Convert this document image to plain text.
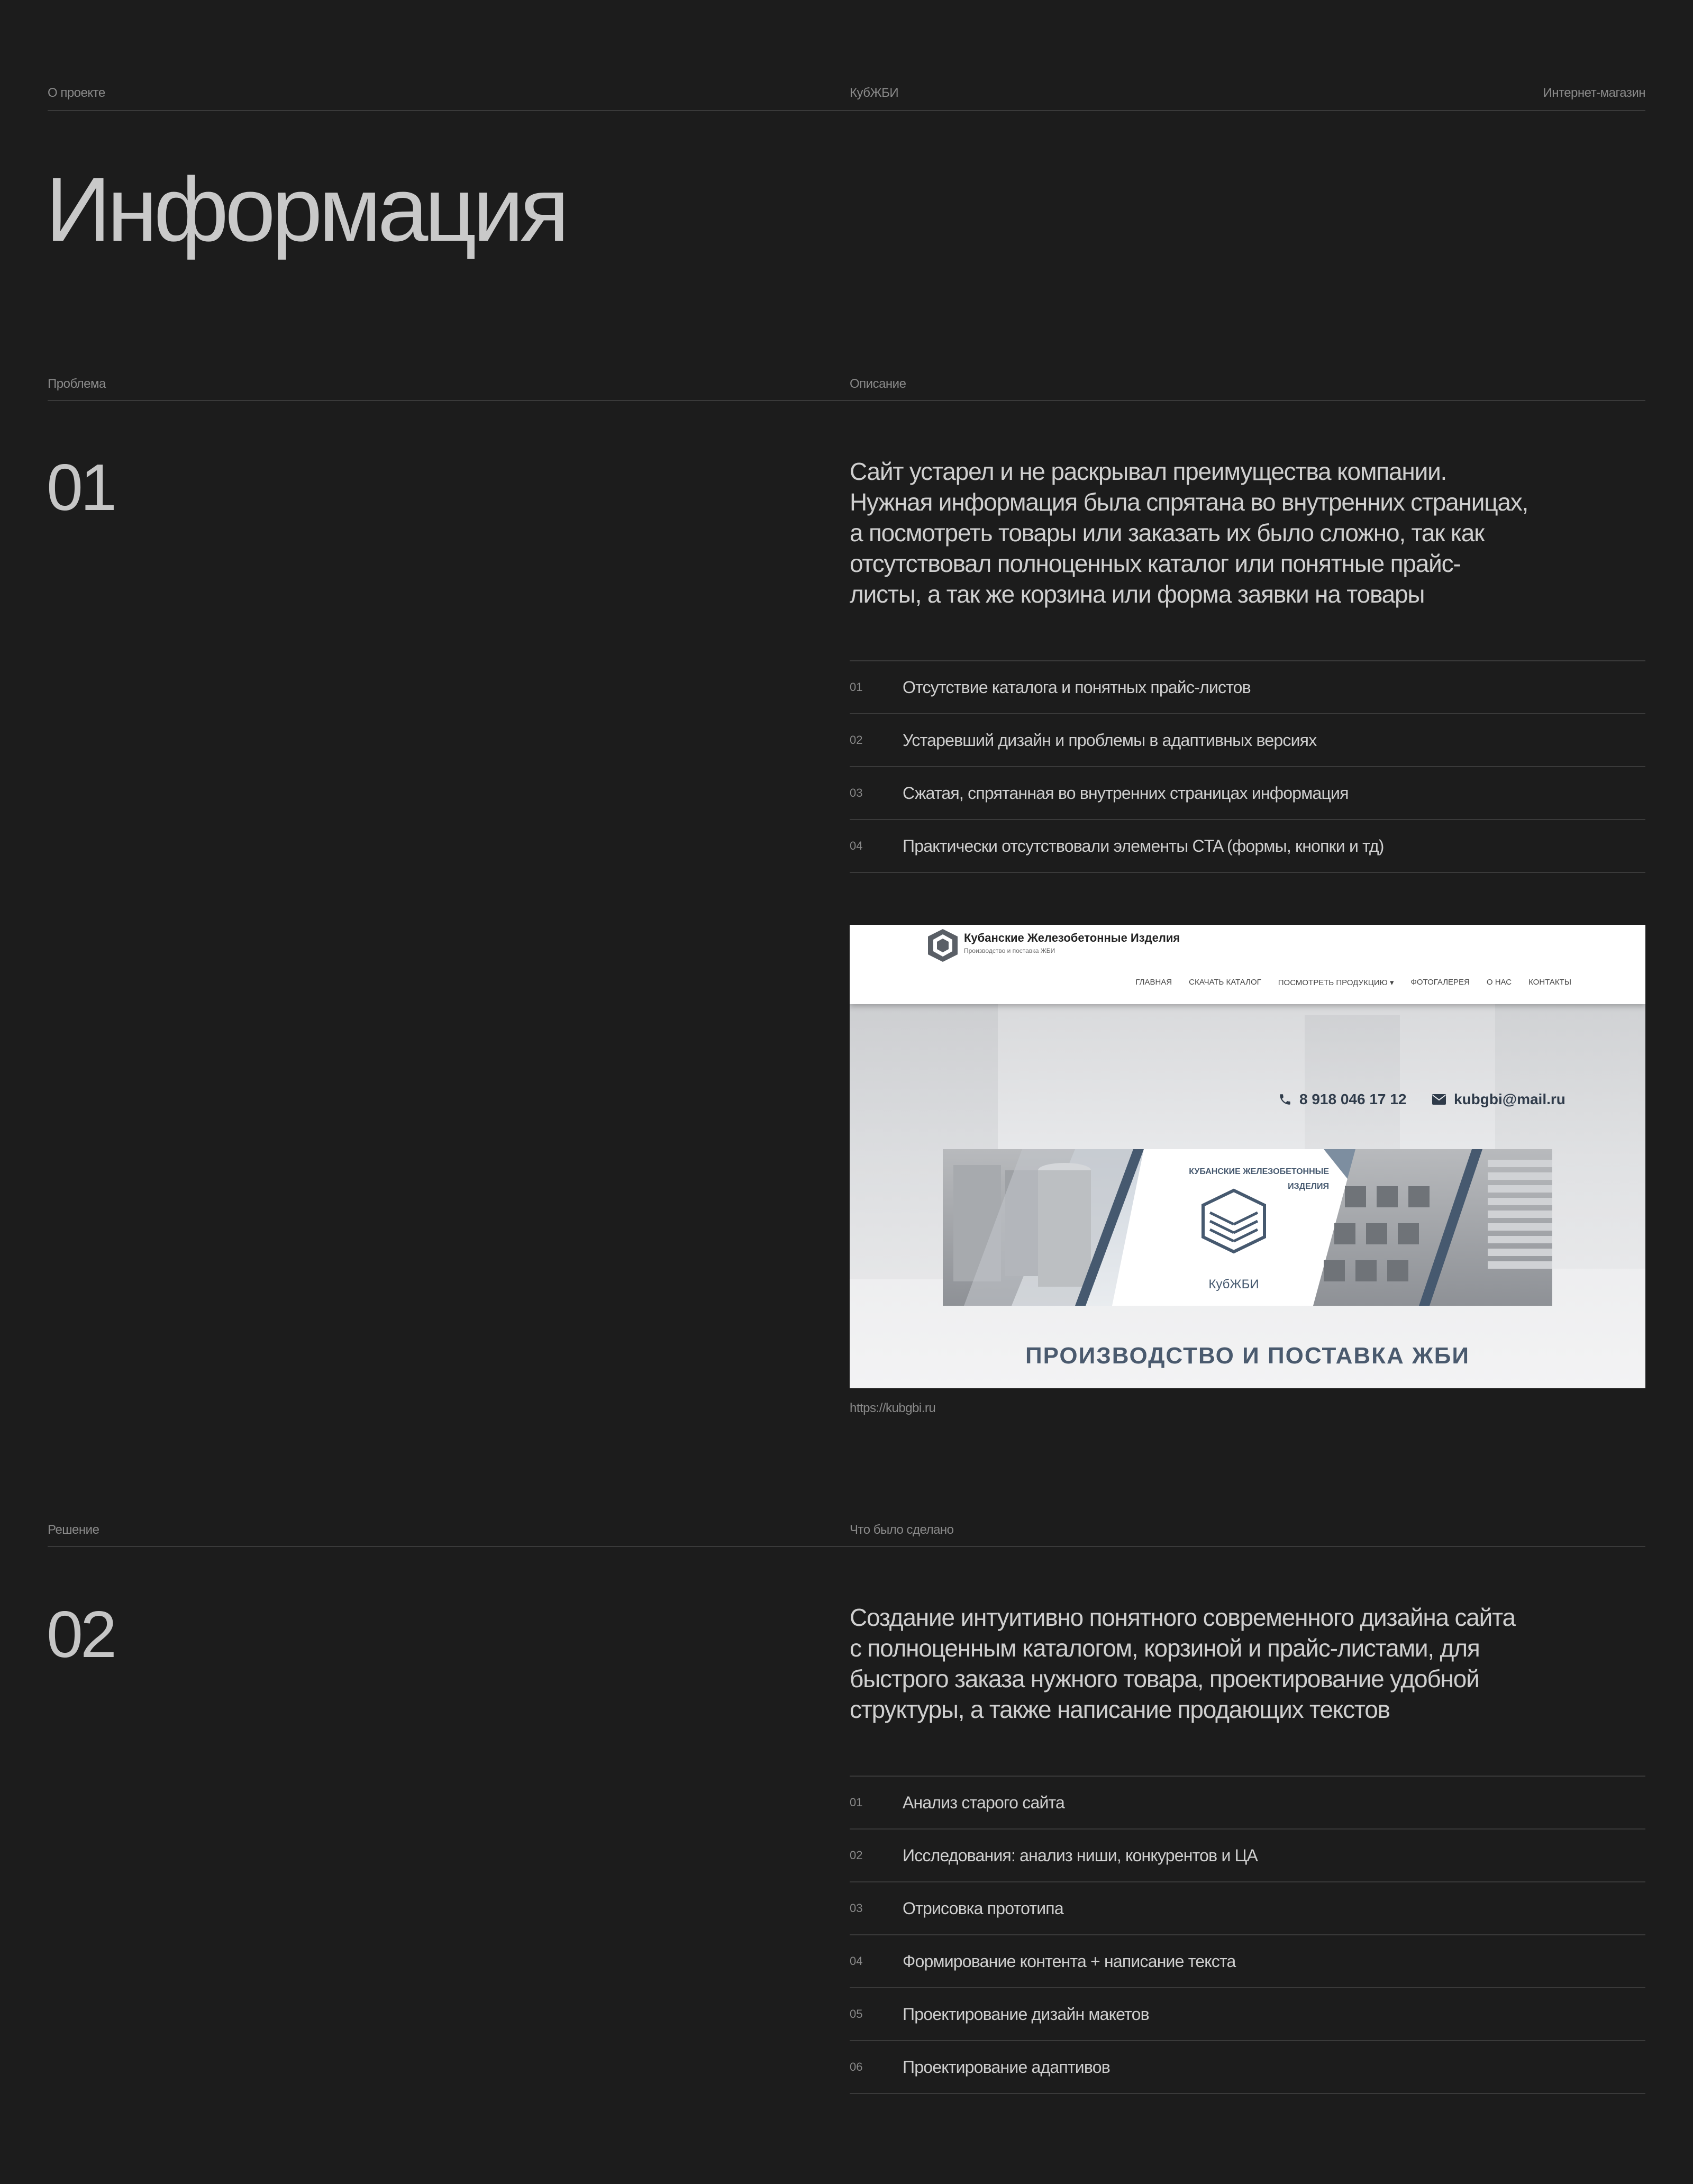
О проекте	КубЖБИ	Интернет-магазин
Информация
Проблема	Описание
01	Сайт устарел и не раскрывал преимущества компании.
Нужная информация была спрятана во внутренних страницах,
а посмотреть товары или заказать их было сложно, так как
отсутствовал полноценных каталог или понятные прайс-
листы, а так же корзина или форма заявки на товары
01	Отсутствие каталога и понятных прайс-листов
02	Устаревший дизайн и проблемы в адаптивных версиях
03	Сжатая, спрятанная во внутренних страницах информация
04	Практически отсутствовали элементы CTA (формы, кнопки и тд)
Кубанские Железобетонные Изделия
Производство и поставка ЖБИ
ГЛАВНАЯ СКАЧАТЬ КАТАЛОГ ПОСМОТРЕТЬ ПРОДУКЦИЮ ▾ ФОТОГАЛЕРЕЯ О НАС КОНТАКТЫ
8 918 046 17 12	kubgbi@mail.ru
КУБАНСКИЕ ЖЕЛЕЗОБЕТОННЫЕ
ИЗДЕЛИЯ
КубЖБИ
ПРОИЗВОДСТВО И ПОСТАВКА ЖБИ
https://kubgbi.ru
Решение	Что было сделано
02	Создание интуитивно понятного современного дизайна сайта
с полноценным каталогом, корзиной и прайс-листами, для
быстрого заказа нужного товара, проектирование удобной
структуры, а также написание продающих текстов
01	Анализ старого сайта
02	Исследования: анализ ниши, конкурентов и ЦА
03	Отрисовка прототипа
04	Формирование контента + написание текста
05	Проектирование дизайн макетов
06	Проектирование адаптивов
